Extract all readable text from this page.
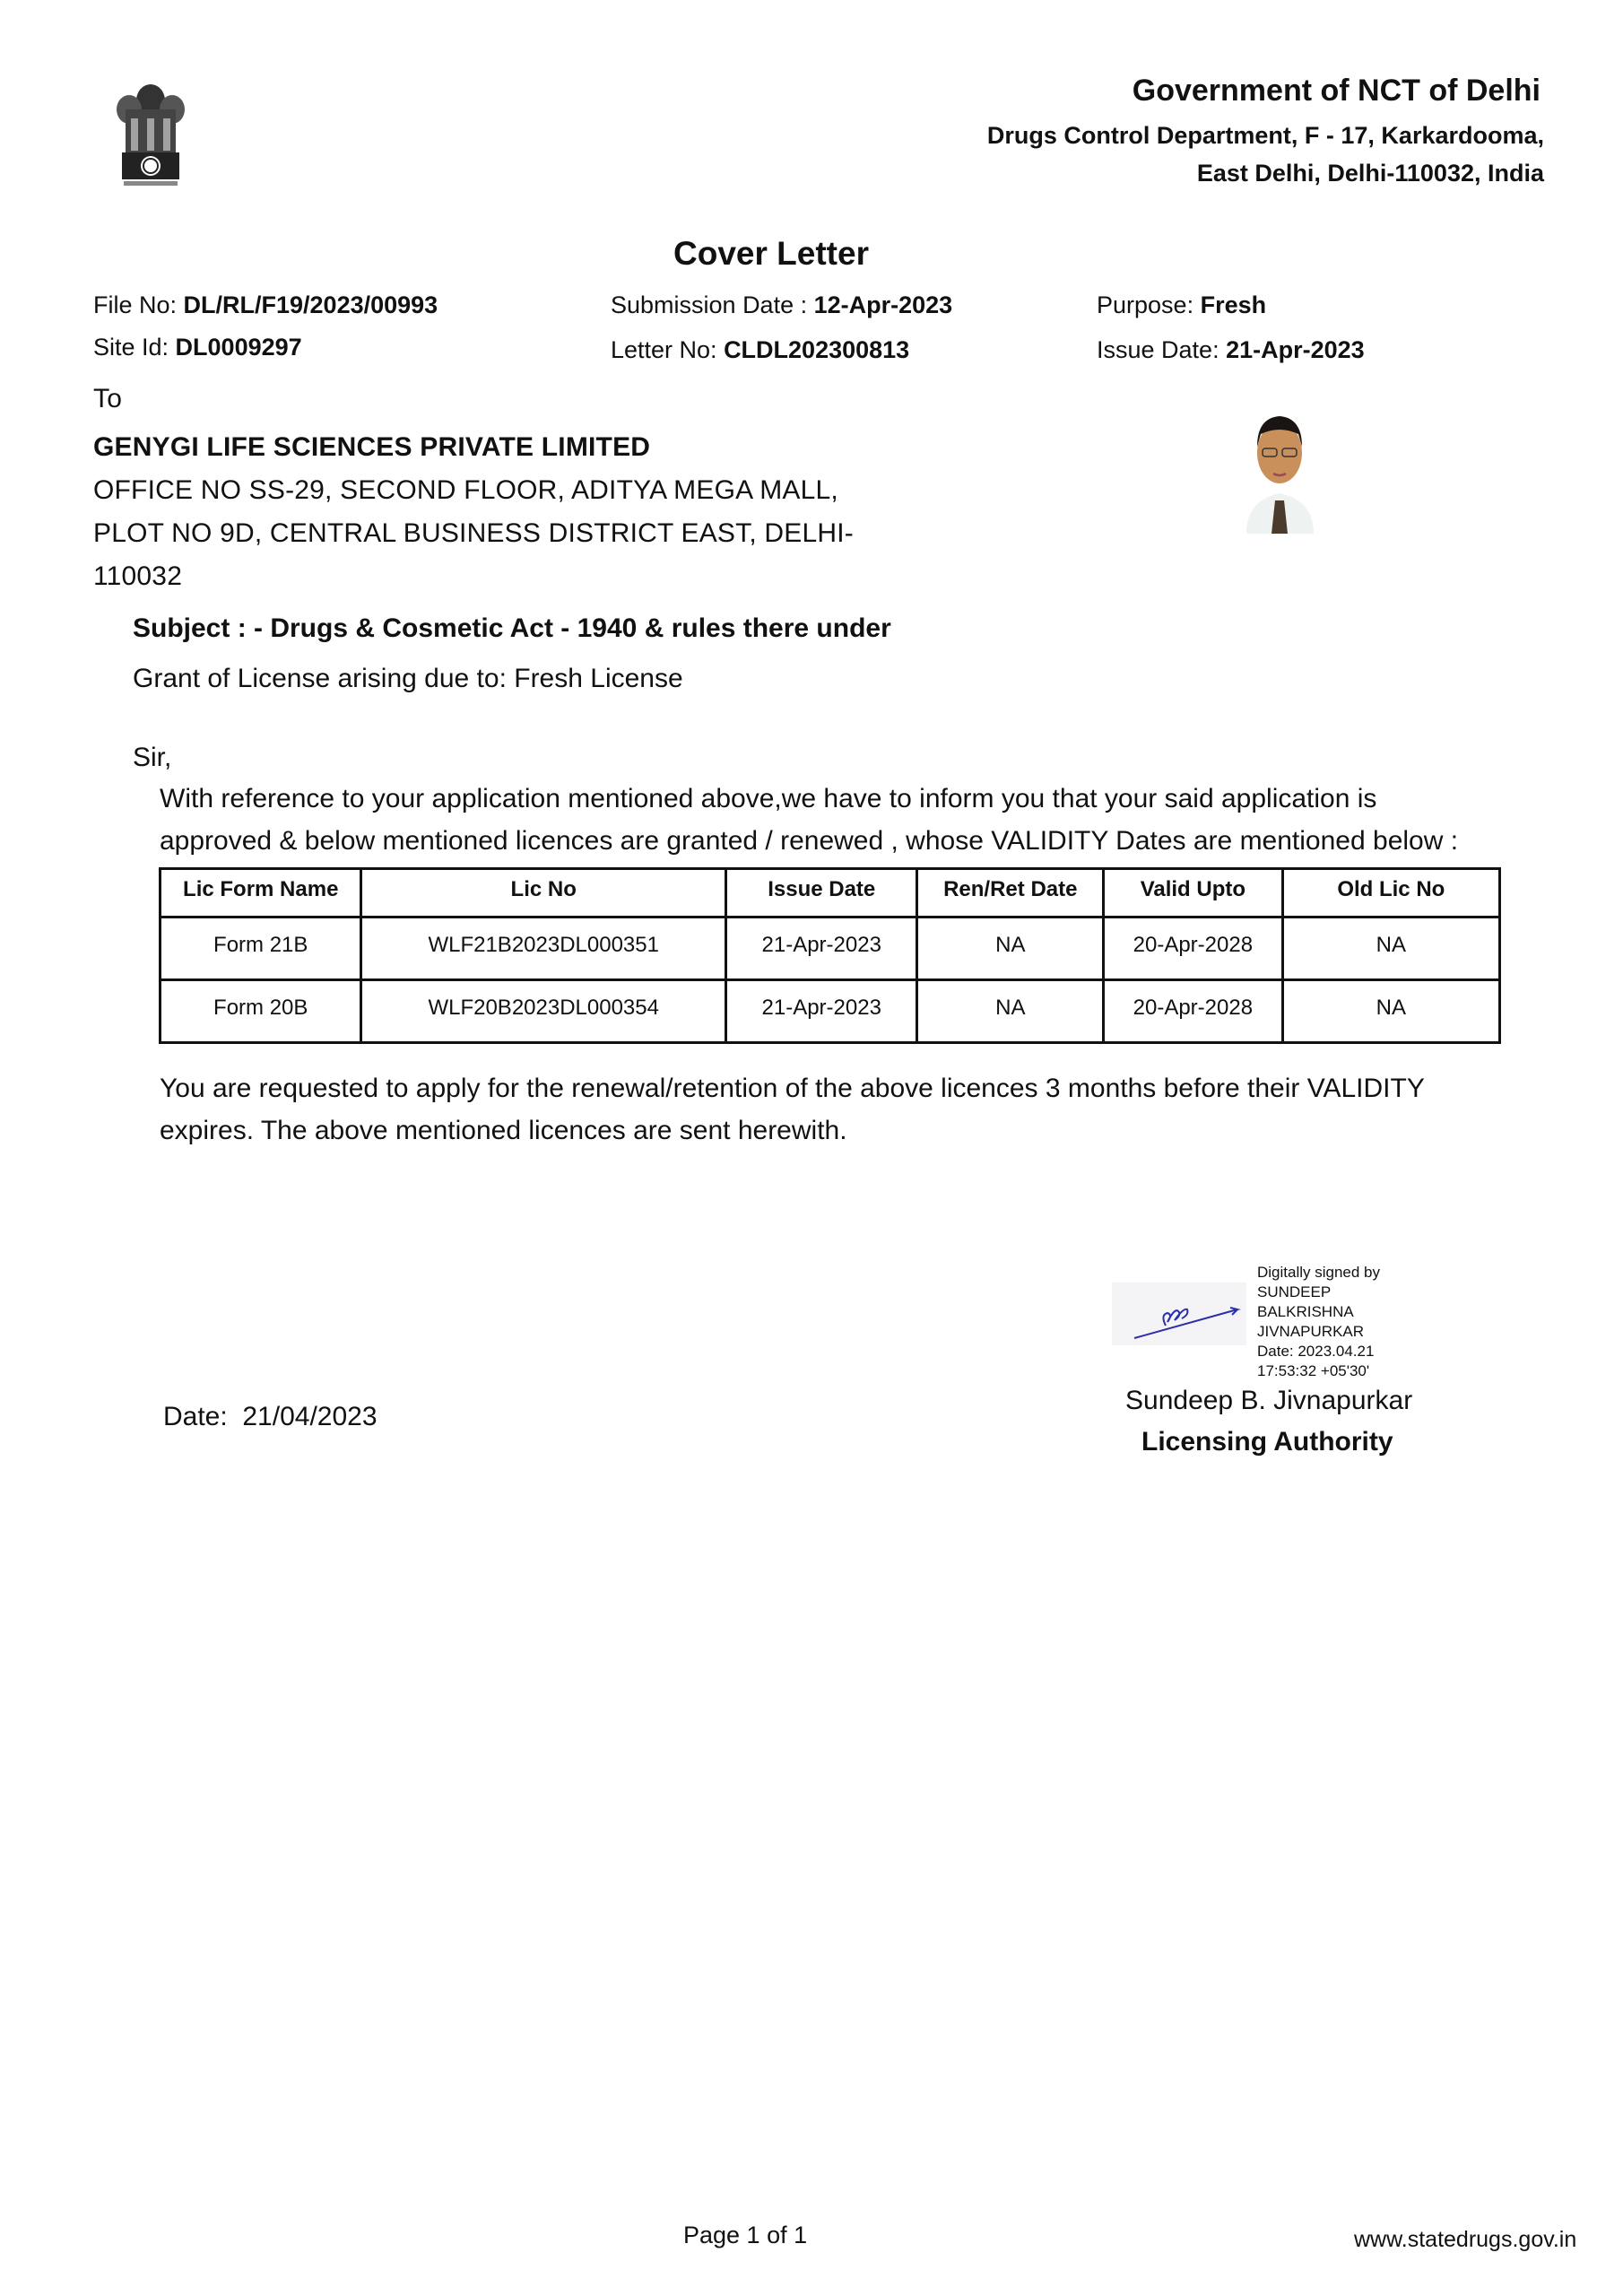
Government of NCT of Delhi
Drugs Control Department, F - 17, Karkardooma,
East Delhi, Delhi-110032, India
Cover Letter
File No: DL/RL/F19/2023/00993	Submission Date : 12-Apr-2023	Purpose: Fresh
Site Id: DL0009297	Letter No: CLDL202300813	Issue Date: 21-Apr-2023
To
GENYGI LIFE SCIENCES PRIVATE LIMITED
OFFICE NO SS-29, SECOND FLOOR, ADITYA MEGA MALL,
PLOT NO 9D, CENTRAL BUSINESS DISTRICT EAST, DELHI-
110032
Subject : - Drugs & Cosmetic Act - 1940 & rules there under
Grant of License arising due to: Fresh License
Sir,
With reference to your application mentioned above,we have to inform you that your said application is
approved & below mentioned licences are granted / renewed , whose VALIDITY Dates are mentioned below :
Lic Form Name	Lic No	Issue Date	Ren/Ret Date	Valid Upto	Old Lic No
Form 21B	WLF21B2023DL000351	21-Apr-2023	NA	20-Apr-2028	NA
Form 20B	WLF20B2023DL000354	21-Apr-2023	NA	20-Apr-2028	NA
You are requested to apply for the renewal/retention of the above licences 3 months before their VALIDITY
expires. The above mentioned licences are sent herewith.
Digitally signed by
SUNDEEP
BALKRISHNA
JIVNAPURKAR
Date: 2023.04.21
17:53:32 +05'30'
Sundeep B. Jivnapurkar
Licensing Authority
Date:  21/04/2023
Page 1 of 1	www.statedrugs.gov.in
